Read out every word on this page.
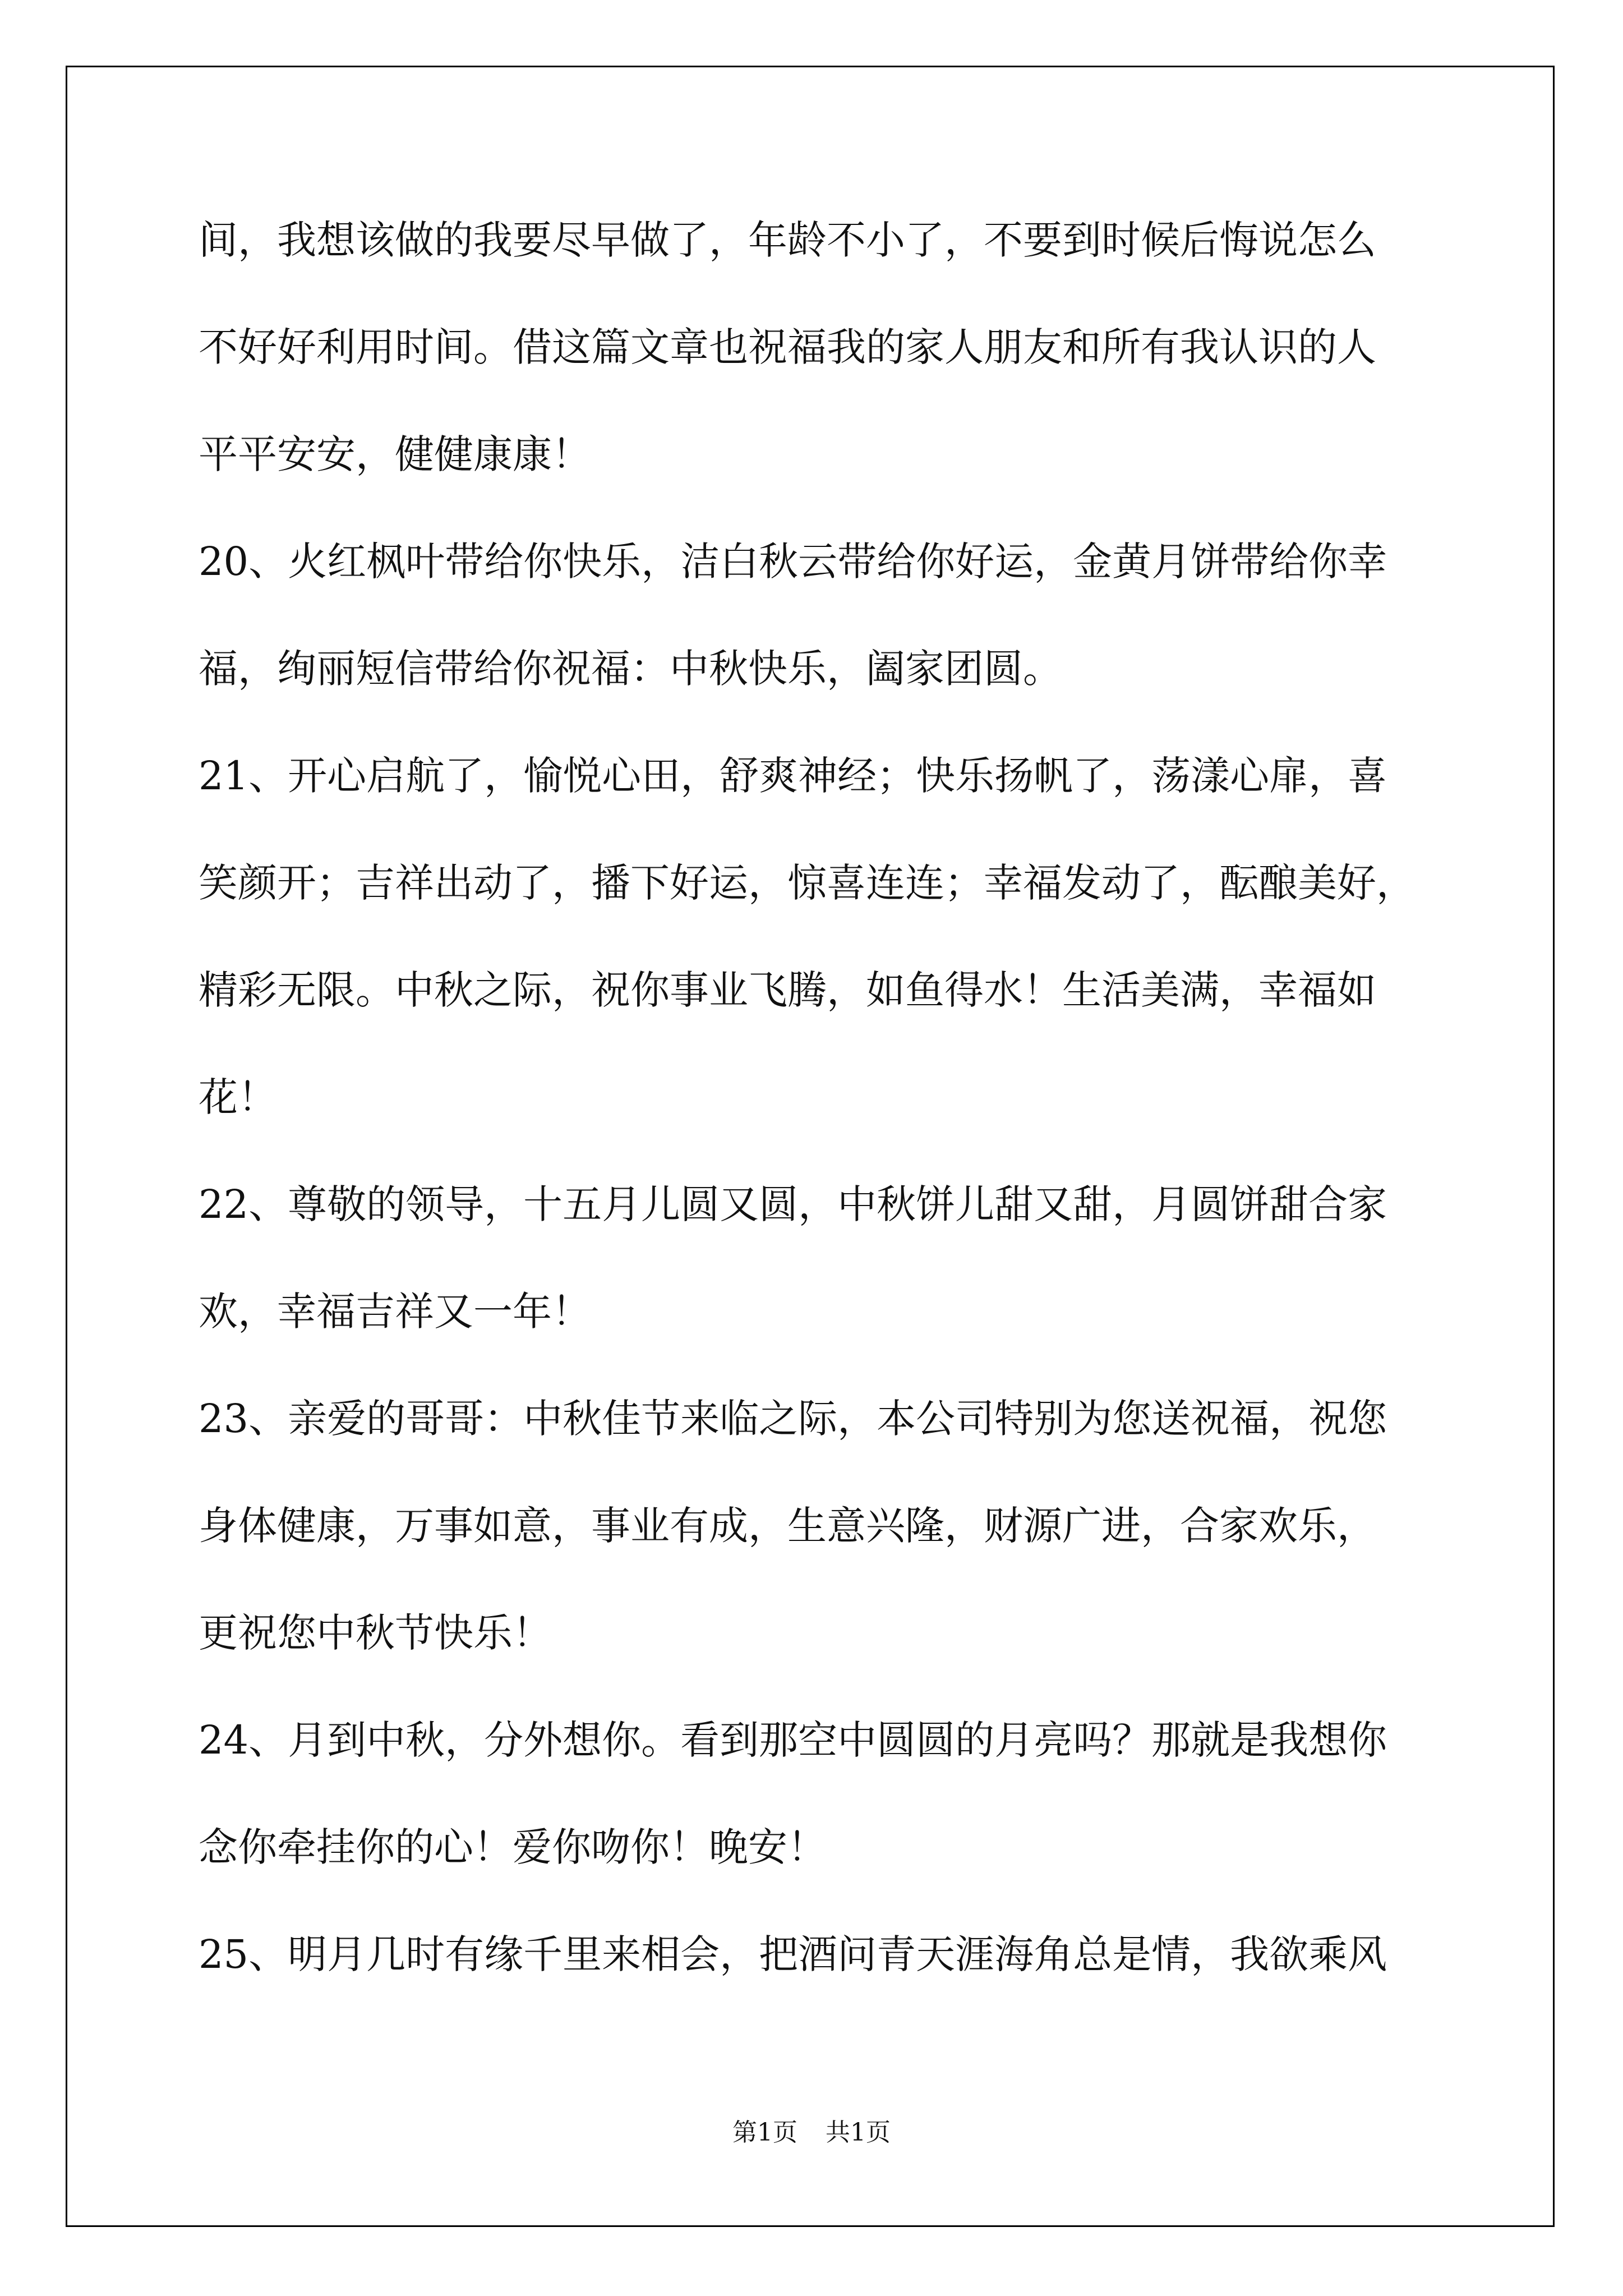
间，我想该做的我要尽早做了，年龄不小了，不要到时候后悔说怎么
不好好利用时间。借这篇文章也祝福我的家人朋友和所有我认识的人
平平安安，健健康康！
20、火红枫叶带给你快乐，洁白秋云带给你好运，金黄月饼带给你幸
福，绚丽短信带给你祝福：中秋快乐，阖家团圆。
21、开心启航了，愉悦心田，舒爽神经；快乐扬帆了，荡漾心扉，喜
笑颜开；吉祥出动了，播下好运，惊喜连连；幸福发动了，酝酿美好，
精彩无限。中秋之际，祝你事业飞腾，如鱼得水！生活美满，幸福如
花！
22、尊敬的领导，十五月儿圆又圆，中秋饼儿甜又甜，月圆饼甜合家
欢，幸福吉祥又一年！
23、亲爱的哥哥：中秋佳节来临之际，本公司特别为您送祝福，祝您
身体健康，万事如意，事业有成，生意兴隆，财源广进，合家欢乐，
更祝您中秋节快乐！
24、月到中秋，分外想你。看到那空中圆圆的月亮吗？那就是我想你
念你牵挂你的心！爱你吻你！晚安！
25、明月几时有缘千里来相会，把酒问青天涯海角总是情，我欲乘风
第1页 共1页
